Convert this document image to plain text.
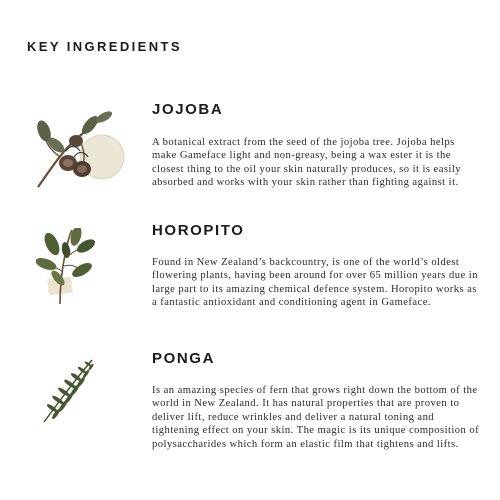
KEY INGREDIENTS
JOJOBA

A botanical extract from the seed of the jojoba tree. Jojoba helps make Gameface light and non-greasy, being a wax ester it is the closest thing to the oil your skin naturally produces, so it is easily absorbed and works with your skin rather than fighting against it.

HOROPITO

Found in New Zealand’s backcountry, is one of the world’s oldest flowering plants, having been around for over 65 million years due in large part to its amazing chemical defence system. Horopito works as a fantastic antioxidant and conditioning agent in Gameface.

PONGA

Is an amazing species of fern that grows right down the bottom of the world in New Zealand. It has natural properties that are proven to deliver lift, reduce wrinkles and deliver a natural toning and tightening effect on your skin. The magic is its unique composition of polysaccharides which form an elastic film that tightens and lifts.
